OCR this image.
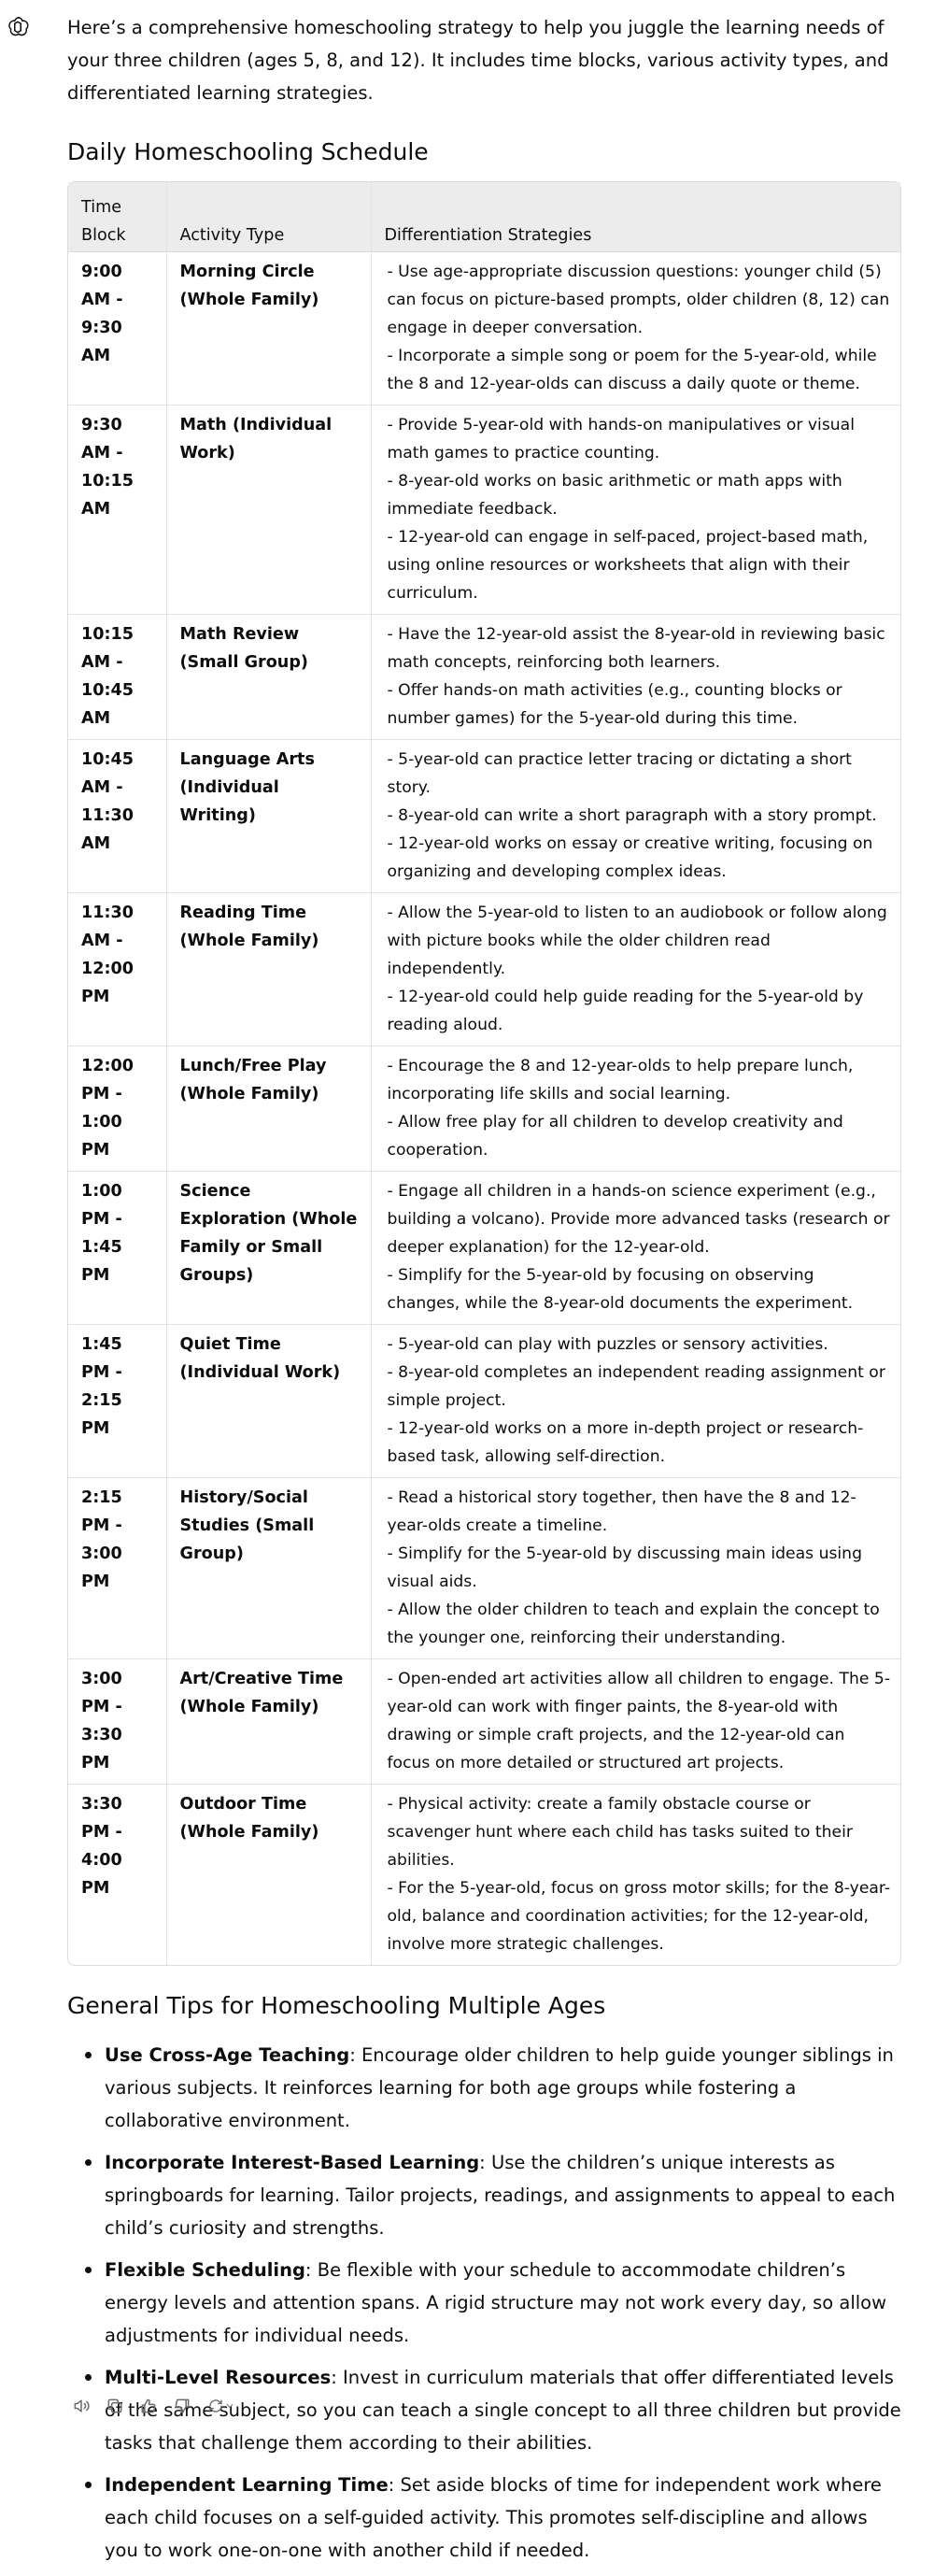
Here’s a comprehensive homeschooling strategy to help you juggle the learning needs of your three children (ages 5, 8, and 12). It includes time blocks, various activity types, and differentiated learning strategies.

Daily Homeschooling Schedule
Time Block	Activity Type	Differentiation Strategies
9:00 AM - 9:30 AM	Morning Circle (Whole Family)	- Use age-appropriate discussion questions: younger child (5) can focus on picture-based prompts, older children (8, 12) can engage in deeper conversation.
- Incorporate a simple song or poem for the 5-year-old, while the 8 and 12-year-olds can discuss a daily quote or theme.

9:30 AM - 10:15 AM	Math (Individual Work)	- Provide 5-year-old with hands-on manipulatives or visual math games to practice counting.
- 8-year-old works on basic arithmetic or math apps with immediate feedback.
- 12-year-old can engage in self-paced, project-based math, using online resources or worksheets that align with their curriculum.

10:15 AM - 10:45 AM	Math Review (Small Group)	- Have the 12-year-old assist the 8-year-old in reviewing basic math concepts, reinforcing both learners.
- Offer hands-on math activities (e.g., counting blocks or number games) for the 5-year-old during this time.

10:45 AM - 11:30 AM	Language Arts (Individual Writing)	- 5-year-old can practice letter tracing or dictating a short story.
- 8-year-old can write a short paragraph with a story prompt.
- 12-year-old works on essay or creative writing, focusing on organizing and developing complex ideas.

11:30 AM - 12:00 PM	Reading Time (Whole Family)	- Allow the 5-year-old to listen to an audiobook or follow along with picture books while the older children read independently.
- 12-year-old could help guide reading for the 5-year-old by reading aloud.

12:00 PM - 1:00 PM	Lunch/Free Play (Whole Family)	- Encourage the 8 and 12-year-olds to help prepare lunch, incorporating life skills and social learning.
- Allow free play for all children to develop creativity and cooperation.

1:00 PM - 1:45 PM	Science Exploration (Whole Family or Small Groups)	- Engage all children in a hands-on science experiment (e.g., building a volcano). Provide more advanced tasks (research or deeper explanation) for the 12-year-old.
- Simplify for the 5-year-old by focusing on observing changes, while the 8-year-old documents the experiment.

1:45 PM - 2:15 PM	Quiet Time (Individual Work)	- 5-year-old can play with puzzles or sensory activities.
- 8-year-old completes an independent reading assignment or simple project.
- 12-year-old works on a more in-depth project or research-based task, allowing self-direction.

2:15 PM - 3:00 PM	History/Social Studies (Small Group)	- Read a historical story together, then have the 8 and 12-year-olds create a timeline.
- Simplify for the 5-year-old by discussing main ideas using visual aids.
- Allow the older children to teach and explain the concept to the younger one, reinforcing their understanding.

3:00 PM - 3:30 PM	Art/Creative Time (Whole Family)	- Open-ended art activities allow all children to engage. The 5-year-old can work with finger paints, the 8-year-old with drawing or simple craft projects, and the 12-year-old can focus on more detailed or structured art projects.

3:30 PM - 4:00 PM	Outdoor Time (Whole Family)	- Physical activity: create a family obstacle course or scavenger hunt where each child has tasks suited to their abilities.
- For the 5-year-old, focus on gross motor skills; for the 8-year-old, balance and coordination activities; for the 12-year-old, involve more strategic challenges.
General Tips for Homeschooling Multiple Ages
Use Cross-Age Teaching: Encourage older children to help guide younger siblings in various subjects. It reinforces learning for both age groups while fostering a collaborative environment.
Incorporate Interest-Based Learning: Use the children’s unique interests as springboards for learning. Tailor projects, readings, and assignments to appeal to each child’s curiosity and strengths.
Flexible Scheduling: Be flexible with your schedule to accommodate children’s energy levels and attention spans. A rigid structure may not work every day, so allow adjustments for individual needs.
Multi-Level Resources: Invest in curriculum materials that offer differentiated levels of the same subject, so you can teach a single concept to all three children but provide tasks that challenge them according to their abilities.
Independent Learning Time: Set aside blocks of time for independent work where each child focuses on a self-guided activity. This promotes self-discipline and allows you to work one-on-one with another child if needed.
